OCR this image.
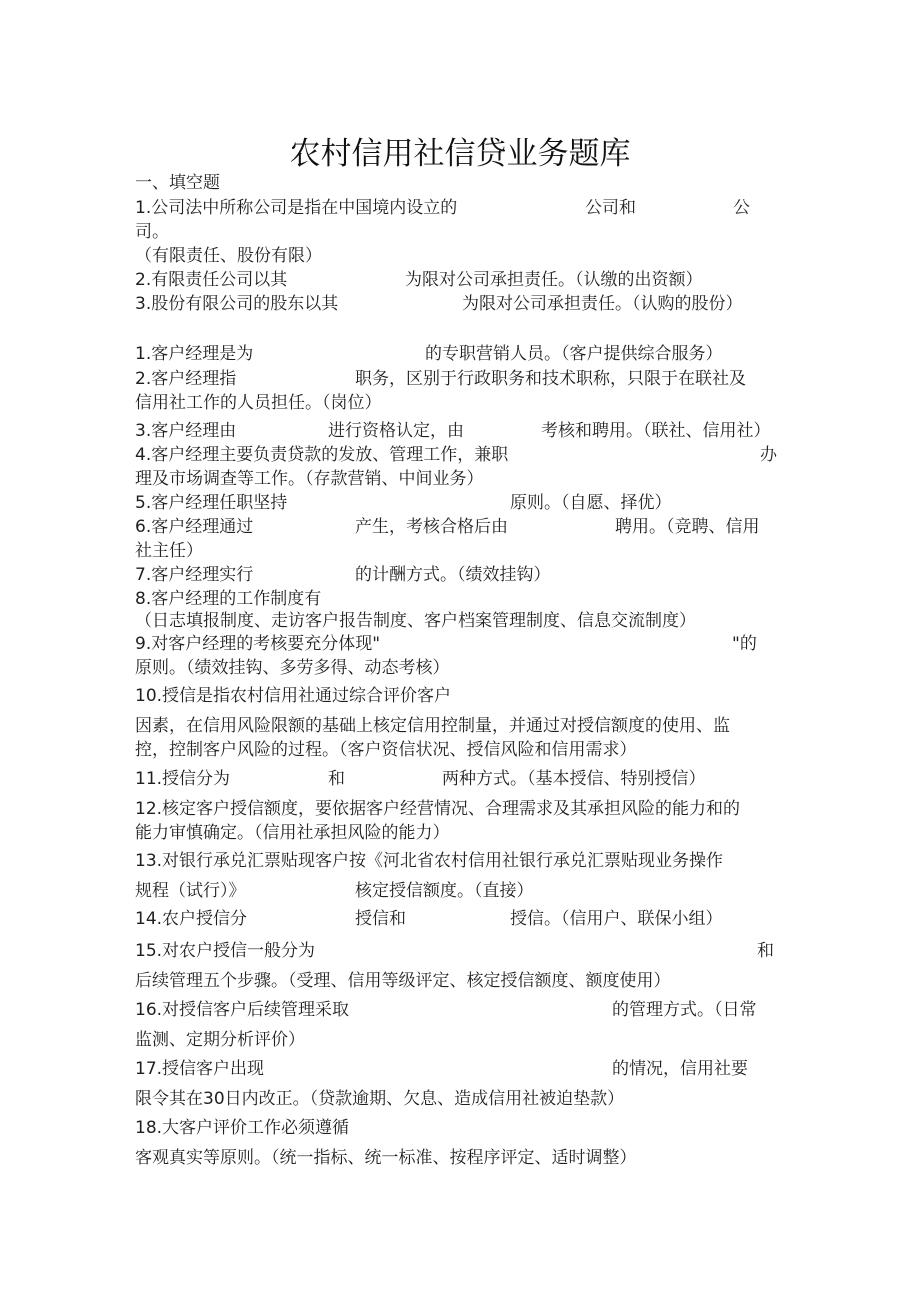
农村信用社信贷业务题库
一、填空题
1.公司法中所称公司是指在中国境内设立的	公司和	公
司。
（有限责任、股份有限）
2.有限责任公司以其	为限对公司承担责任。（认缴的出资额）
3.股份有限公司的股东以其	为限对公司承担责任。（认购的股份）
1.客户经理是为	的专职营销人员。（客户提供综合服务）
2.客户经理指	职务，区别于行政职务和技术职称，只限于在联社及
信用社工作的人员担任。（岗位）
3.客户经理由	进行资格认定，由	考核和聘用。（联社、信用社）
4.客户经理主要负责贷款的发放、管理工作，兼职	办
理及市场调查等工作。（存款营销、中间业务）
5.客户经理任职坚持	原则。（自愿、择优）
6.客户经理通过	产生，考核合格后由	聘用。（竞聘、信用
社主任）
7.客户经理实行	的计酬方式。（绩效挂钩）
8.客户经理的工作制度有
（日志填报制度、走访客户报告制度、客户档案管理制度、信息交流制度）
9.对客户经理的考核要充分体现"	"的
原则。（绩效挂钩、多劳多得、动态考核）
10.授信是指农村信用社通过综合评价客户
因素，在信用风险限额的基础上核定信用控制量，并通过对授信额度的使用、监
控，控制客户风险的过程。（客户资信状况、授信风险和信用需求）
11.授信分为	和	两种方式。（基本授信、特别授信）
12.核定客户授信额度，要依据客户经营情况、合理需求及其承担风险的能力和的
能力审慎确定。（信用社承担风险的能力）
13.对银行承兑汇票贴现客户按《河北省农村信用社银行承兑汇票贴现业务操作
规程（试行）》	核定授信额度。（直接）
14.农户授信分	授信和	授信。（信用户、联保小组）
15.对农户授信一般分为	和
后续管理五个步骤。（受理、信用等级评定、核定授信额度、额度使用）
16.对授信客户后续管理采取	的管理方式。（日常
监测、定期分析评价）
17.授信客户出现	的情况，信用社要
限令其在30日内改正。（贷款逾期、欠息、造成信用社被迫垫款）
18.大客户评价工作必须遵循
客观真实等原则。（统一指标、统一标准、按程序评定、适时调整）
